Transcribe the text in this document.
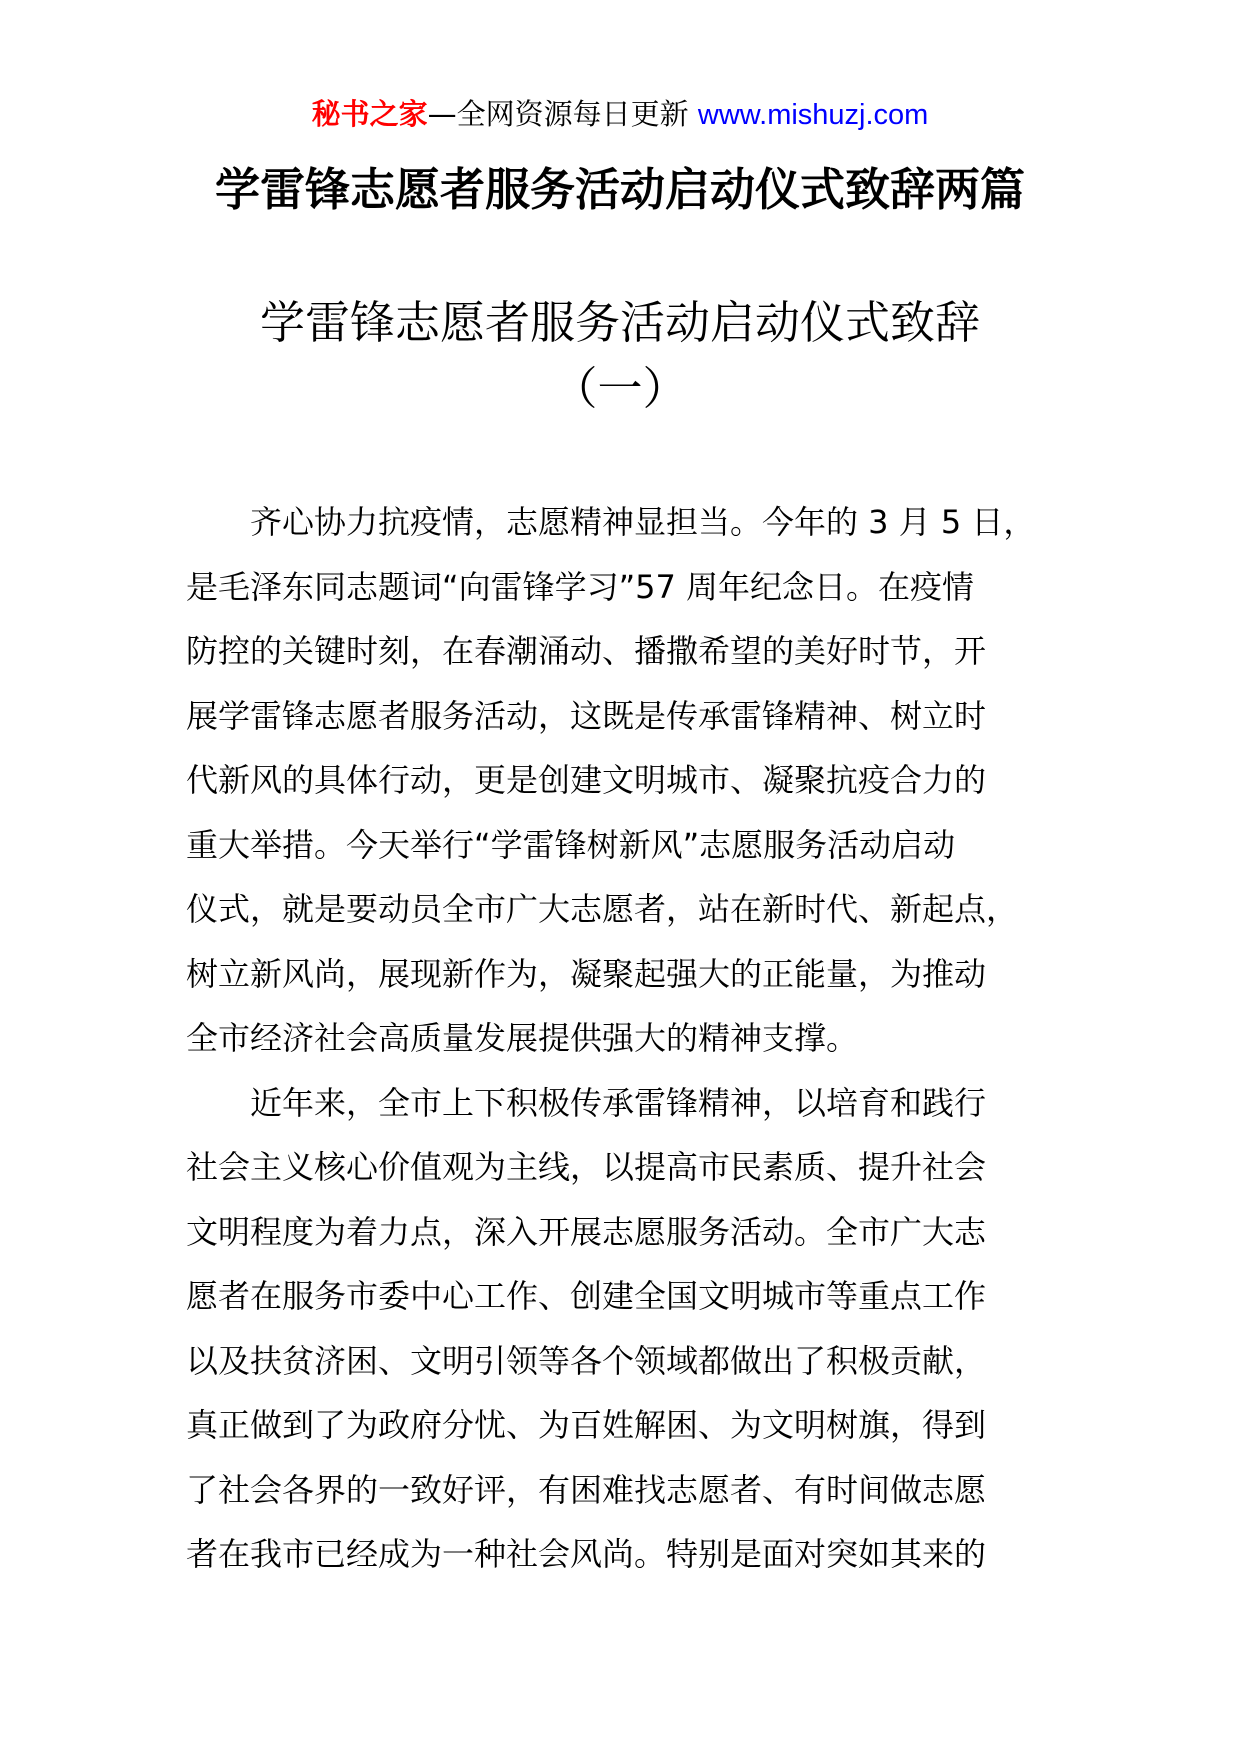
秘书之家—全网资源每日更新 www.mishuzj.com
学雷锋志愿者服务活动启动仪式致辞两篇
学雷锋志愿者服务活动启动仪式致辞
（一）
齐心协力抗疫情，志愿精神显担当。今年的 3 月 5 日，
是毛泽东同志题词“向雷锋学习”57 周年纪念日。在疫情
防控的关键时刻，在春潮涌动、播撒希望的美好时节，开
展学雷锋志愿者服务活动，这既是传承雷锋精神、树立时
代新风的具体行动，更是创建文明城市、凝聚抗疫合力的
重大举措。今天举行“学雷锋树新风”志愿服务活动启动
仪式，就是要动员全市广大志愿者，站在新时代、新起点，
树立新风尚，展现新作为，凝聚起强大的正能量，为推动
全市经济社会高质量发展提供强大的精神支撑。
近年来，全市上下积极传承雷锋精神，以培育和践行
社会主义核心价值观为主线，以提高市民素质、提升社会
文明程度为着力点，深入开展志愿服务活动。全市广大志
愿者在服务市委中心工作、创建全国文明城市等重点工作
以及扶贫济困、文明引领等各个领域都做出了积极贡献，
真正做到了为政府分忧、为百姓解困、为文明树旗，得到
了社会各界的一致好评，有困难找志愿者、有时间做志愿
者在我市已经成为一种社会风尚。特别是面对突如其来的
